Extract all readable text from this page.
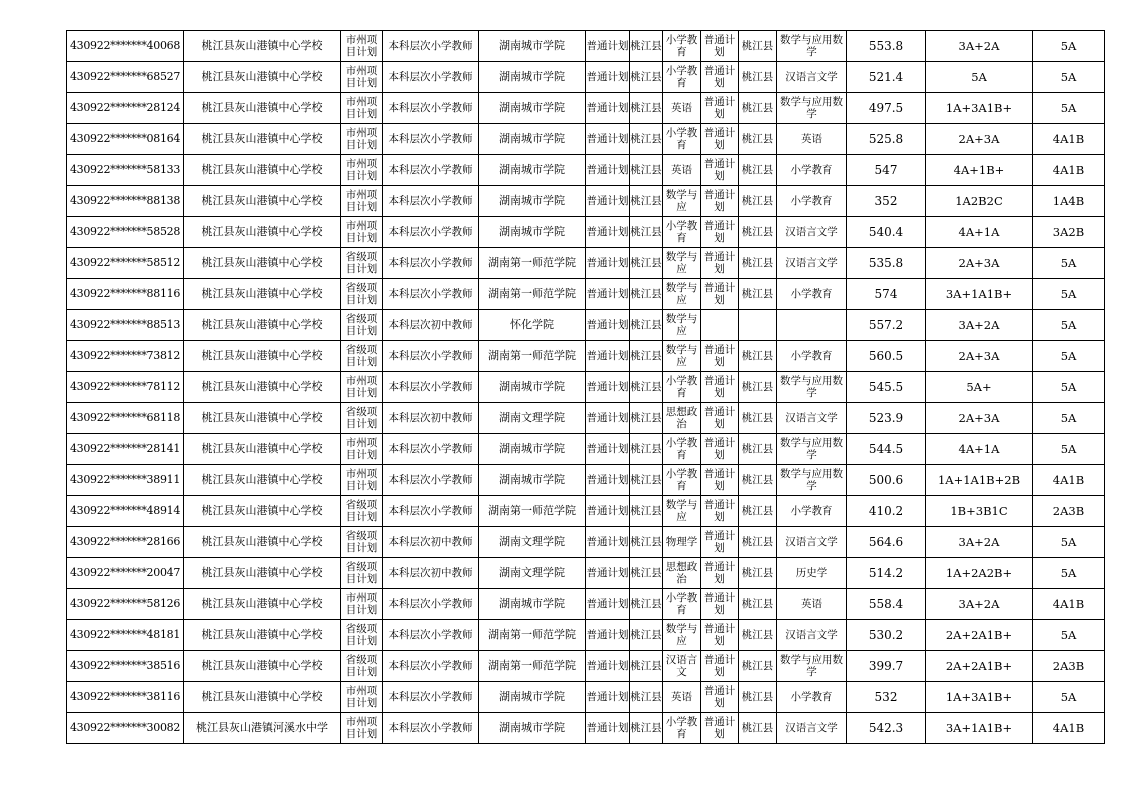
430922*******40068	桃江县灰山港镇中心学校	市州项目计划	本科层次小学教师	湖南城市学院	普通计划	桃江县	小学教育	普通计划	桃江县	数学与应用数学	553.8	3A+2A	5A
430922*******68527	桃江县灰山港镇中心学校	市州项目计划	本科层次小学教师	湖南城市学院	普通计划	桃江县	小学教育	普通计划	桃江县	汉语言文学	521.4	5A	5A
430922*******28124	桃江县灰山港镇中心学校	市州项目计划	本科层次小学教师	湖南城市学院	普通计划	桃江县	英语	普通计划	桃江县	数学与应用数学	497.5	1A+3A1B+	5A
430922*******08164	桃江县灰山港镇中心学校	市州项目计划	本科层次小学教师	湖南城市学院	普通计划	桃江县	小学教育	普通计划	桃江县	英语	525.8	2A+3A	4A1B
430922*******58133	桃江县灰山港镇中心学校	市州项目计划	本科层次小学教师	湖南城市学院	普通计划	桃江县	英语	普通计划	桃江县	小学教育	547	4A+1B+	4A1B
430922*******88138	桃江县灰山港镇中心学校	市州项目计划	本科层次小学教师	湖南城市学院	普通计划	桃江县	数学与应	普通计划	桃江县	小学教育	352	1A2B2C	1A4B
430922*******58528	桃江县灰山港镇中心学校	市州项目计划	本科层次小学教师	湖南城市学院	普通计划	桃江县	小学教育	普通计划	桃江县	汉语言文学	540.4	4A+1A	3A2B
430922*******58512	桃江县灰山港镇中心学校	省级项目计划	本科层次小学教师	湖南第一师范学院	普通计划	桃江县	数学与应	普通计划	桃江县	汉语言文学	535.8	2A+3A	5A
430922*******88116	桃江县灰山港镇中心学校	省级项目计划	本科层次小学教师	湖南第一师范学院	普通计划	桃江县	数学与应	普通计划	桃江县	小学教育	574	3A+1A1B+	5A
430922*******88513	桃江县灰山港镇中心学校	省级项目计划	本科层次初中教师	怀化学院	普通计划	桃江县	数学与应				557.2	3A+2A	5A
430922*******73812	桃江县灰山港镇中心学校	省级项目计划	本科层次小学教师	湖南第一师范学院	普通计划	桃江县	数学与应	普通计划	桃江县	小学教育	560.5	2A+3A	5A
430922*******78112	桃江县灰山港镇中心学校	市州项目计划	本科层次小学教师	湖南城市学院	普通计划	桃江县	小学教育	普通计划	桃江县	数学与应用数学	545.5	5A+	5A
430922*******68118	桃江县灰山港镇中心学校	省级项目计划	本科层次初中教师	湖南文理学院	普通计划	桃江县	思想政治	普通计划	桃江县	汉语言文学	523.9	2A+3A	5A
430922*******28141	桃江县灰山港镇中心学校	市州项目计划	本科层次小学教师	湖南城市学院	普通计划	桃江县	小学教育	普通计划	桃江县	数学与应用数学	544.5	4A+1A	5A
430922*******38911	桃江县灰山港镇中心学校	市州项目计划	本科层次小学教师	湖南城市学院	普通计划	桃江县	小学教育	普通计划	桃江县	数学与应用数学	500.6	1A+1A1B+2B	4A1B
430922*******48914	桃江县灰山港镇中心学校	省级项目计划	本科层次小学教师	湖南第一师范学院	普通计划	桃江县	数学与应	普通计划	桃江县	小学教育	410.2	1B+3B1C	2A3B
430922*******28166	桃江县灰山港镇中心学校	省级项目计划	本科层次初中教师	湖南文理学院	普通计划	桃江县	物理学	普通计划	桃江县	汉语言文学	564.6	3A+2A	5A
430922*******20047	桃江县灰山港镇中心学校	省级项目计划	本科层次初中教师	湖南文理学院	普通计划	桃江县	思想政治	普通计划	桃江县	历史学	514.2	1A+2A2B+	5A
430922*******58126	桃江县灰山港镇中心学校	市州项目计划	本科层次小学教师	湖南城市学院	普通计划	桃江县	小学教育	普通计划	桃江县	英语	558.4	3A+2A	4A1B
430922*******48181	桃江县灰山港镇中心学校	省级项目计划	本科层次小学教师	湖南第一师范学院	普通计划	桃江县	数学与应	普通计划	桃江县	汉语言文学	530.2	2A+2A1B+	5A
430922*******38516	桃江县灰山港镇中心学校	省级项目计划	本科层次小学教师	湖南第一师范学院	普通计划	桃江县	汉语言文	普通计划	桃江县	数学与应用数学	399.7	2A+2A1B+	2A3B
430922*******38116	桃江县灰山港镇中心学校	市州项目计划	本科层次小学教师	湖南城市学院	普通计划	桃江县	英语	普通计划	桃江县	小学教育	532	1A+3A1B+	5A
430922*******30082	桃江县灰山港镇河溪水中学	市州项目计划	本科层次小学教师	湖南城市学院	普通计划	桃江县	小学教育	普通计划	桃江县	汉语言文学	542.3	3A+1A1B+	4A1B
